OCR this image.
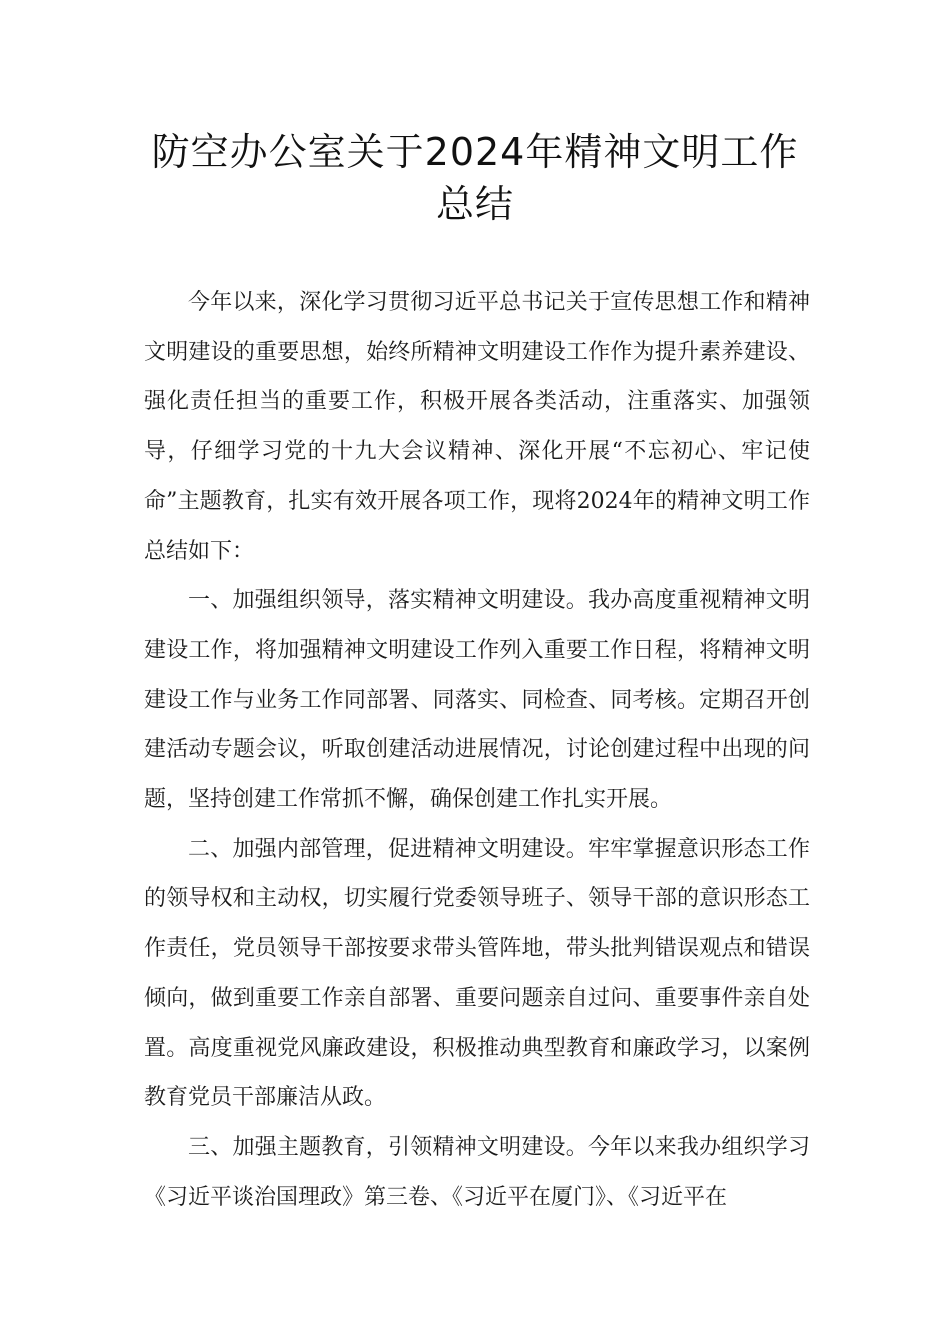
防空办公室关于2024年精神文明工作
总结

今年以来，深化学习贯彻习近平总书记关于宣传思想工作和精神文明建设的重要思想，始终所精神文明建设工作作为提升素养建设、强化责任担当的重要工作，积极开展各类活动，注重落实、加强领导，仔细学习党的十九大会议精神、深化开展“不忘初心、牢记使命”主题教育，扎实有效开展各项工作，现将2024年的精神文明工作总结如下：

一、加强组织领导，落实精神文明建设。我办高度重视精神文明建设工作，将加强精神文明建设工作列入重要工作日程，将精神文明建设工作与业务工作同部署、同落实、同检查、同考核。定期召开创建活动专题会议，听取创建活动进展情况，讨论创建过程中出现的问题，坚持创建工作常抓不懈，确保创建工作扎实开展。

二、加强内部管理，促进精神文明建设。牢牢掌握意识形态工作的领导权和主动权，切实履行党委领导班子、领导干部的意识形态工作责任，党员领导干部按要求带头管阵地，带头批判错误观点和错误倾向，做到重要工作亲自部署、重要问题亲自过问、重要事件亲自处置。高度重视党风廉政建设，积极推动典型教育和廉政学习，以案例教育党员干部廉洁从政。

三、加强主题教育，引领精神文明建设。今年以来我办组织学习《习近平谈治国理政》第三卷、《习近平在厦门》、《习近平在
